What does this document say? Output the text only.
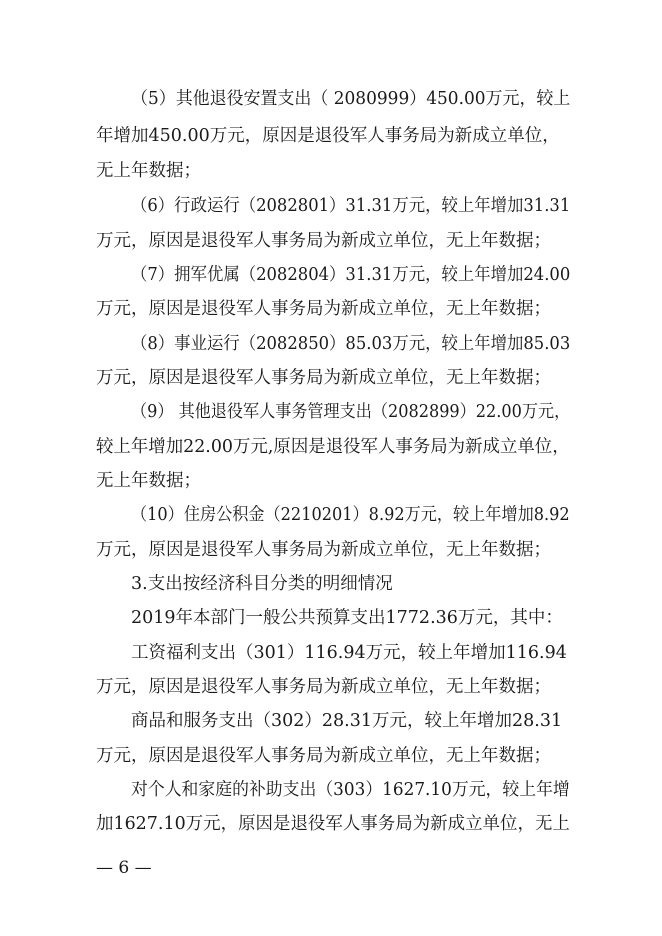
（5）其他退役安置支出（ 2080999）450.00万元，较上
年增加450.00万元，原因是退役军人事务局为新成立单位，
无上年数据；
（6）行政运行（2082801）31.31万元，较上年增加31.31
万元，原因是退役军人事务局为新成立单位，无上年数据；
（7）拥军优属（2082804）31.31万元，较上年增加24.00
万元，原因是退役军人事务局为新成立单位，无上年数据；
（8）事业运行（2082850）85.03万元，较上年增加85.03
万元，原因是退役军人事务局为新成立单位，无上年数据；
（9） 其他退役军人事务管理支出（2082899）22.00万元，
较上年增加22.00万元,原因是退役军人事务局为新成立单位，
无上年数据；
（10）住房公积金（2210201）8.92万元，较上年增加8.92
万元，原因是退役军人事务局为新成立单位，无上年数据；
3.支出按经济科目分类的明细情况
2019年本部门一般公共预算支出1772.36万元，其中：
工资福利支出（301）116.94万元，较上年增加116.94
万元，原因是退役军人事务局为新成立单位，无上年数据；
商品和服务支出（302）28.31万元，较上年增加28.31
万元，原因是退役军人事务局为新成立单位，无上年数据；
对个人和家庭的补助支出（303）1627.10万元，较上年增
加1627.10万元，原因是退役军人事务局为新成立单位，无上
— 6 —
